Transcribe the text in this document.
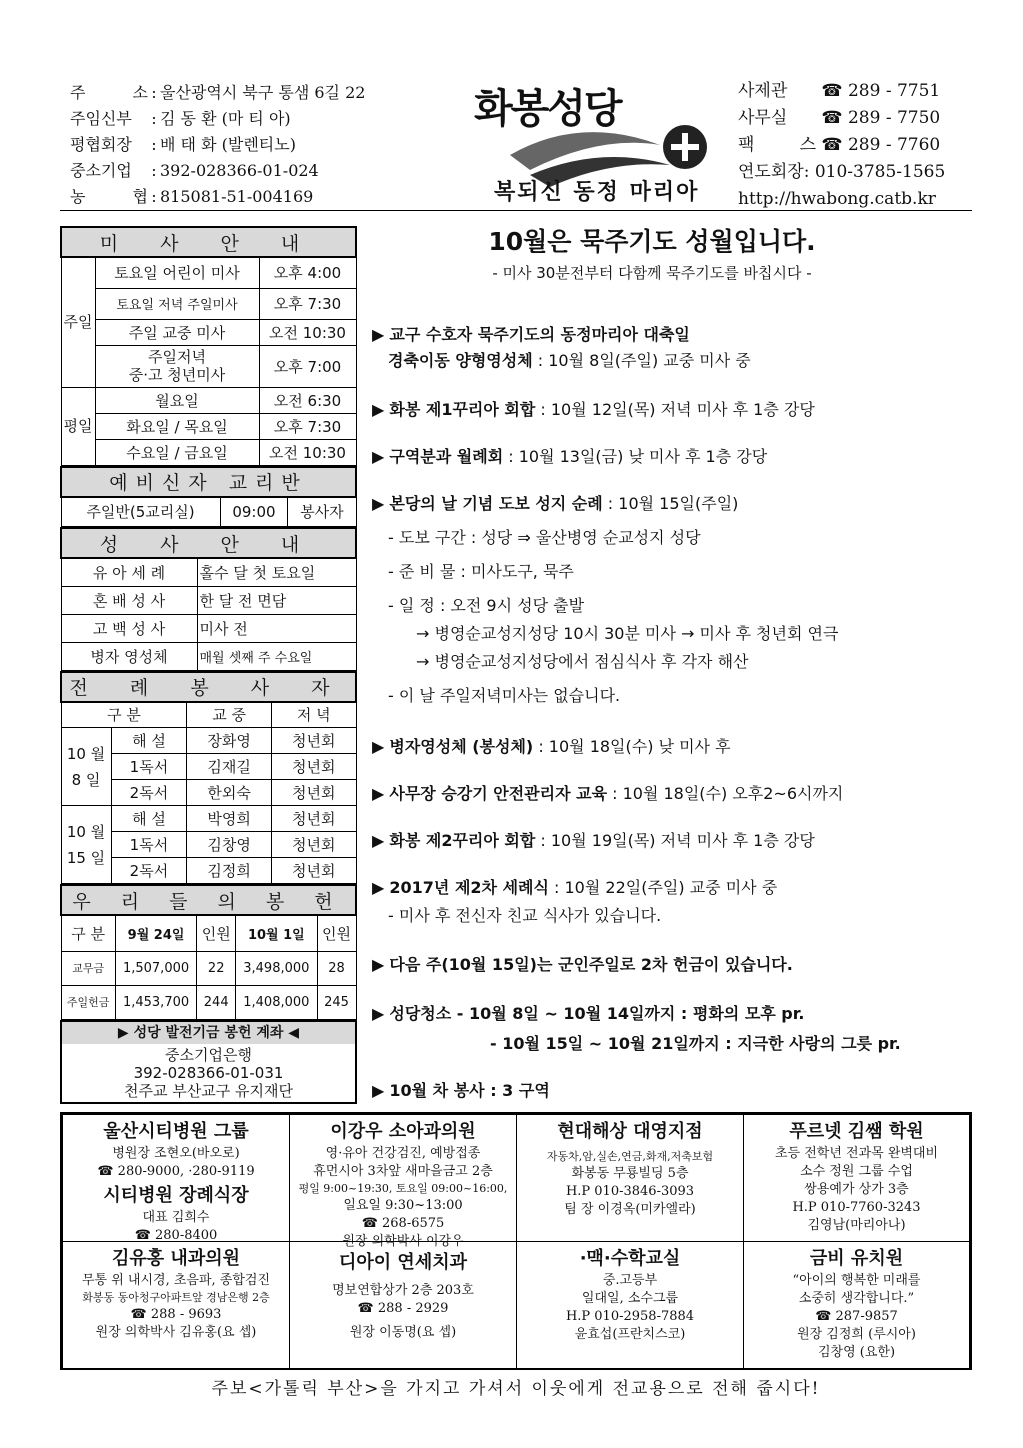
주 소 : 울산광역시 북구 통샘 6길 22
주임신부	: 김 동 환 (마 티 아)
평협회장	: 배 태 화 (발렌티노)
중소기업	: 392-028366-01-024
농 협 : 815081-51-004169
화봉성당
복되신 동정 마리아
사제관 ☎ 289 - 7751
사무실 ☎ 289 - 7750
팩 스 ☎ 289 - 7760
연도회장: 010-3785-1565
http://hwabong.catb.kr
미 사 안 내		
주일	토요일 어린이 미사	오후 4:00
	토요일 저녁 주일미사	오후 7:30
	주일 교중 미사	오전 10:30
	주일저녁
중·고 청년미사	오후 7:00
평일	월요일	오전 6:30
	화요일 / 목요일	오후 7:30
	수요일 / 금요일	오전 10:30
예비신자 교리반
주일반(5교리실)	09:00	봉사자
성 사 안 내	
유 아 세 례	홀수 달 첫 토요일
혼 배 성 사	한 달 전 면담
고 백 성 사	미사 전
병자 영성체	매월 셋째 주 수요일
전 례 봉 사 자			
구 분		교 중	저 녁
10 월
8 일	해 설	장화영	청년회
	1독서	김재길	청년회
	2독서	한외숙	청년회
10 월
15 일	해 설	박영희	청년회
	1독서	김창영	청년회
	2독서	김정희	청년회
우 리 들 의 봉 헌				
구 분	9월 24일	인원	10월 1일	인원
교무금	1,507,000	22	3,498,000	28
주일헌금	1,453,700	244	1,408,000	245
▶ 성당 발전기금 봉헌 계좌 ◀
중소기업은행
392-028366-01-031
천주교 부산교구 유지재단
10월은 묵주기도 성월입니다.
- 미사 30분전부터 다함께 묵주기도를 바칩시다 -
▶ 교구 수호자 묵주기도의 동정마리아 대축일
경축이동 양형영성체 : 10월 8일(주일) 교중 미사 중
▶ 화봉 제1꾸리아 회합 : 10월 12일(목) 저녁 미사 후 1층 강당
▶ 구역분과 월례회 : 10월 13일(금) 낮 미사 후 1층 강당
▶ 본당의 날 기념 도보 성지 순례 : 10월 15일(주일)
- 도보 구간 : 성당 ⇒ 울산병영 순교성지 성당
- 준 비 물 : 미사도구, 묵주
- 일 정 : 오전 9시 성당 출발
→ 병영순교성지성당 10시 30분 미사 → 미사 후 청년회 연극
→ 병영순교성지성당에서 점심식사 후 각자 해산
- 이 날 주일저녁미사는 없습니다.
▶ 병자영성체 (봉성체) : 10월 18일(수) 낮 미사 후
▶ 사무장 승강기 안전관리자 교육 : 10월 18일(수) 오후2~6시까지
▶ 화봉 제2꾸리아 회합 : 10월 19일(목) 저녁 미사 후 1층 강당
▶ 2017년 제2차 세례식 : 10월 22일(주일) 교중 미사 중
- 미사 후 전신자 친교 식사가 있습니다.
▶ 다음 주(10월 15일)는 군인주일로 2차 헌금이 있습니다.
▶ 성당청소 - 10월 8일 ~ 10월 14일까지 : 평화의 모후 pr.
- 10월 15일 ~ 10월 21일까지 : 지극한 사랑의 그릇 pr.
▶ 10월 차 봉사 : 3 구역
울산시티병원 그룹
병원장 조현오(바오로)
☎ 280-9000, ·280-9119
시티병원 장례식장
대표 김희수
☎ 280-8400
이강우 소아과의원
영·유아 건강검진, 예방접종
휴먼시아 3차앞 새마을금고 2층
평일 9:00~19:30, 토요일 09:00~16:00,
일요일 9:30~13:00
☎ 268-6575
원장 의학박사 이강우
현대해상 대영지점
자동차,암,실손,연금,화재,저축보험
화봉동 무룡빌딩 5층
H.P 010-3846-3093
팀 장 이경옥(미카엘라)
푸르넷 김쌤 학원
초등 전학년 전과목 완벽대비
소수 정원 그룹 수업
쌍용예가 상가 3층
H.P 010-7760-3243
김영남(마리아나)
김유홍 내과의원
무통 위 내시경, 초음파, 종합검진
화봉동 동아청구아파트앞 경남은행 2층
☎ 288 - 9693
원장 의학박사 김유홍(요 셉)
디아이 연세치과
명보연합상가 2층 203호
☎ 288 - 2929
원장 이동명(요 셉)
·맥·수학교실
중.고등부
일대일, 소수그룹
H.P 010-2958-7884
윤효섭(프란치스코)
금비 유치원
“아이의 행복한 미래를
소중히 생각합니다.”
☎ 287-9857
원장 김정희 (루시아)
김창영 (요한)
주보<가톨릭 부산>을 가지고 가셔서 이웃에게 전교용으로 전해 줍시다!
